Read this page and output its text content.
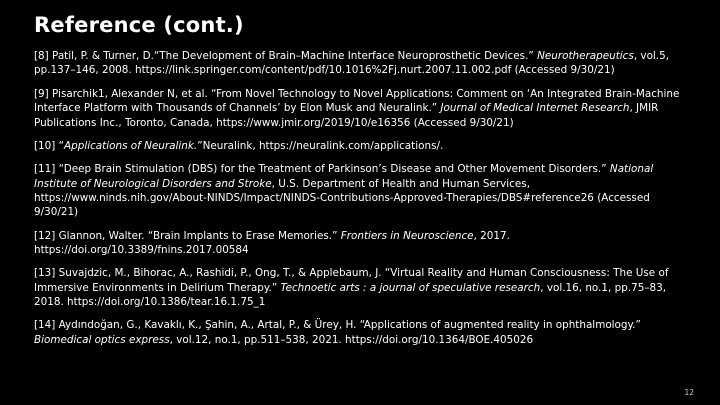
Reference (cont.)

[8] Patil, P. & Turner, D.“The Development of Brain–Machine Interface Neuroprosthetic Devices.” Neurotherapeutics, vol.5, pp.137–146, 2008. https://link.springer.com/content/pdf/10.1016%2Fj.nurt.2007.11.002.pdf (Accessed 9/30/21)

[9] Pisarchik1, Alexander N, et al. “From Novel Technology to Novel Applications: Comment on ‘An Integrated Brain-Machine Interface Platform with Thousands of Channels’ by Elon Musk and Neuralink.” Journal of Medical Internet Research, JMIR Publications Inc., Toronto, Canada, https://www.jmir.org/2019/10/e16356 (Accessed 9/30/21)

[10] “Applications of Neuralink.”Neuralink, https://neuralink.com/applications/.

[11] “Deep Brain Stimulation (DBS) for the Treatment of Parkinson’s Disease and Other Movement Disorders.” National Institute of Neurological Disorders and Stroke, U.S. Department of Health and Human Services, https://www.ninds.nih.gov/About-NINDS/Impact/NINDS-Contributions-Approved-Therapies/DBS#reference26 (Accessed 9/30/21)

[12] Glannon, Walter. “Brain Implants to Erase Memories.” Frontiers in Neuroscience, 2017. https://doi.org/10.3389/fnins.2017.00584

[13] Suvajdzic, M., Bihorac, A., Rashidi, P., Ong, T., & Applebaum, J. “Virtual Reality and Human Consciousness: The Use of Immersive Environments in Delirium Therapy.” Technoetic arts : a journal of speculative research, vol.16, no.1, pp.75–83, 2018. https://doi.org/10.1386/tear.16.1.75_1

[14] Aydındoğan, G., Kavaklı, K., Şahin, A., Artal, P., & Ürey, H. “Applications of augmented reality in ophthalmology.” Biomedical optics express, vol.12, no.1, pp.511–538, 2021. https://doi.org/10.1364/BOE.405026

12
